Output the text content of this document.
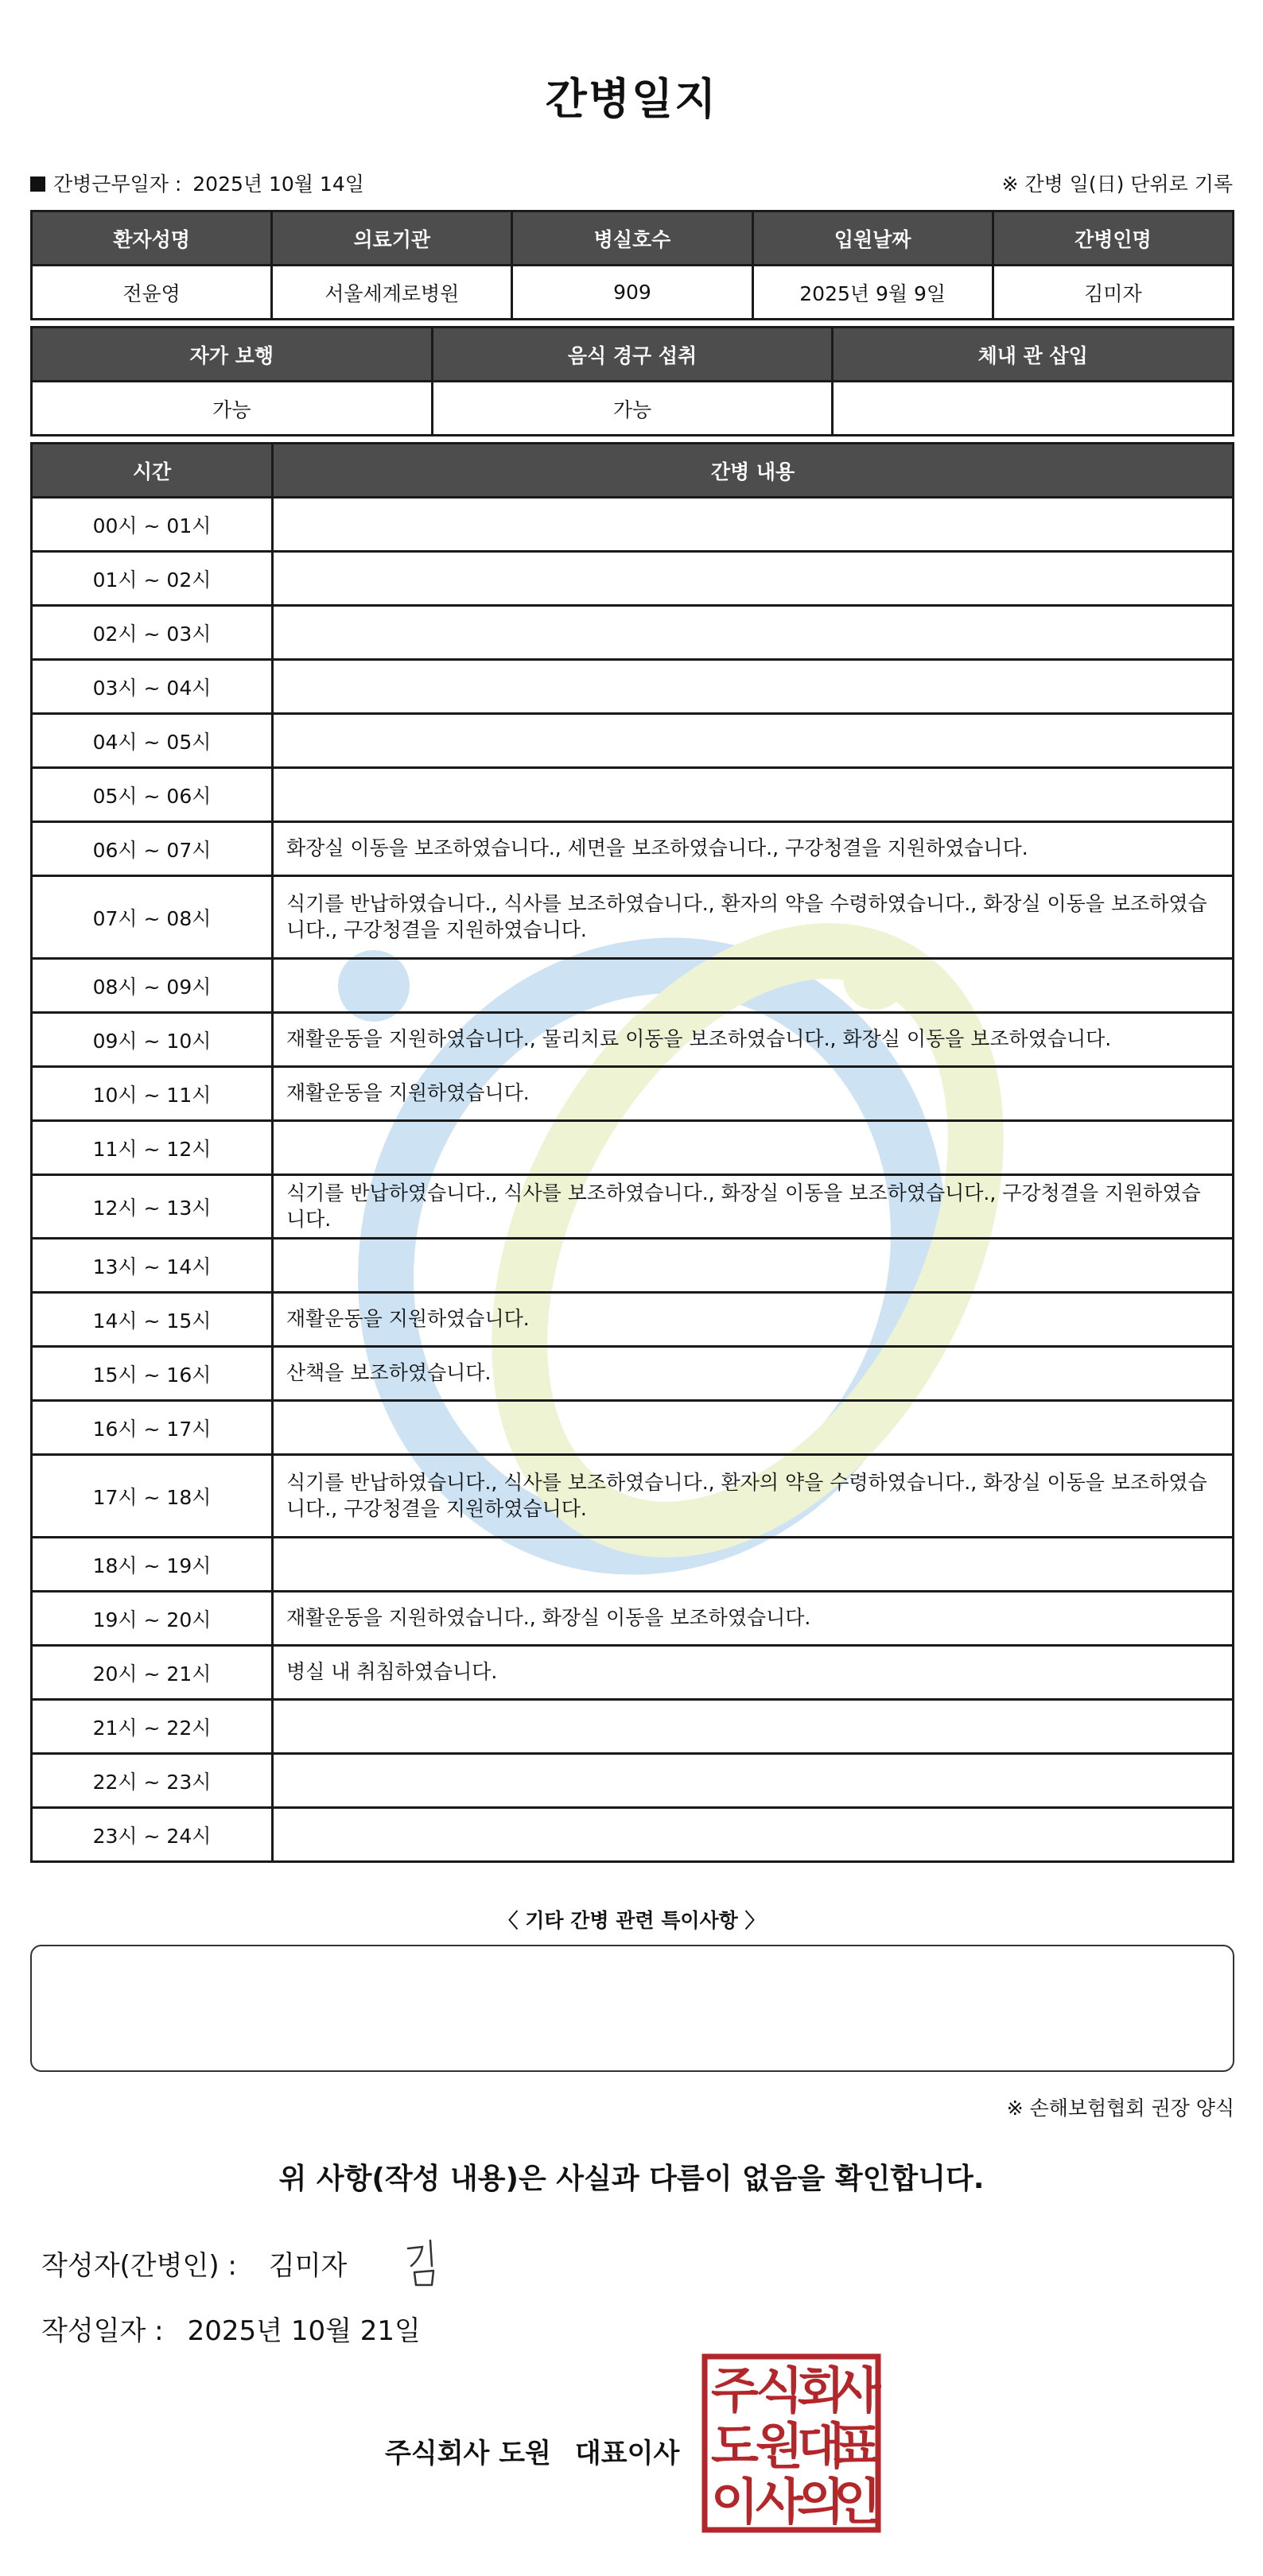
간병일지
간병근무일자 : 2025년 10월 14일	※ 간병 일(日) 단위로 기록
환자성명	의료기관	병실호수	입원날짜	간병인명
전윤영	서울세계로병원	909	2025년 9월 9일	김미자
자가 보행	음식 경구 섭취	체내 관 삽입
가능	가능	
시간	간병 내용
00시 ~ 01시	
01시 ~ 02시	
02시 ~ 03시	
03시 ~ 04시	
04시 ~ 05시	
05시 ~ 06시	
06시 ~ 07시	화장실 이동을 보조하였습니다., 세면을 보조하였습니다., 구강청결을 지원하였습니다.
07시 ~ 08시	식기를 반납하였습니다., 식사를 보조하였습니다., 환자의 약을 수령하였습니다., 화장실 이동을 보조하였습니다., 구강청결을 지원하였습니다.
08시 ~ 09시	
09시 ~ 10시	재활운동을 지원하였습니다., 물리치료 이동을 보조하였습니다., 화장실 이동을 보조하였습니다.
10시 ~ 11시	재활운동을 지원하였습니다.
11시 ~ 12시	
12시 ~ 13시	식기를 반납하였습니다., 식사를 보조하였습니다., 화장실 이동을 보조하였습니다., 구강청결을 지원하였습니다.
13시 ~ 14시	
14시 ~ 15시	재활운동을 지원하였습니다.
15시 ~ 16시	산책을 보조하였습니다.
16시 ~ 17시	
17시 ~ 18시	식기를 반납하였습니다., 식사를 보조하였습니다., 환자의 약을 수령하였습니다., 화장실 이동을 보조하였습니다., 구강청결을 지원하였습니다.
18시 ~ 19시	
19시 ~ 20시	재활운동을 지원하였습니다., 화장실 이동을 보조하였습니다.
20시 ~ 21시	병실 내 취침하였습니다.
21시 ~ 22시	
22시 ~ 23시	
23시 ~ 24시	
〈 기타 간병 관련 특이사항 〉
※ 손해보험협회 권장 양식
위 사항(작성 내용)은 사실과 다름이 없음을 확인합니다.
작성자(간병인) : 김미자
작성일자 : 2025년 10월 21일
주식회사 도원 대표이사
주
식
회
사
도
원
대
표
이
사
의
인
